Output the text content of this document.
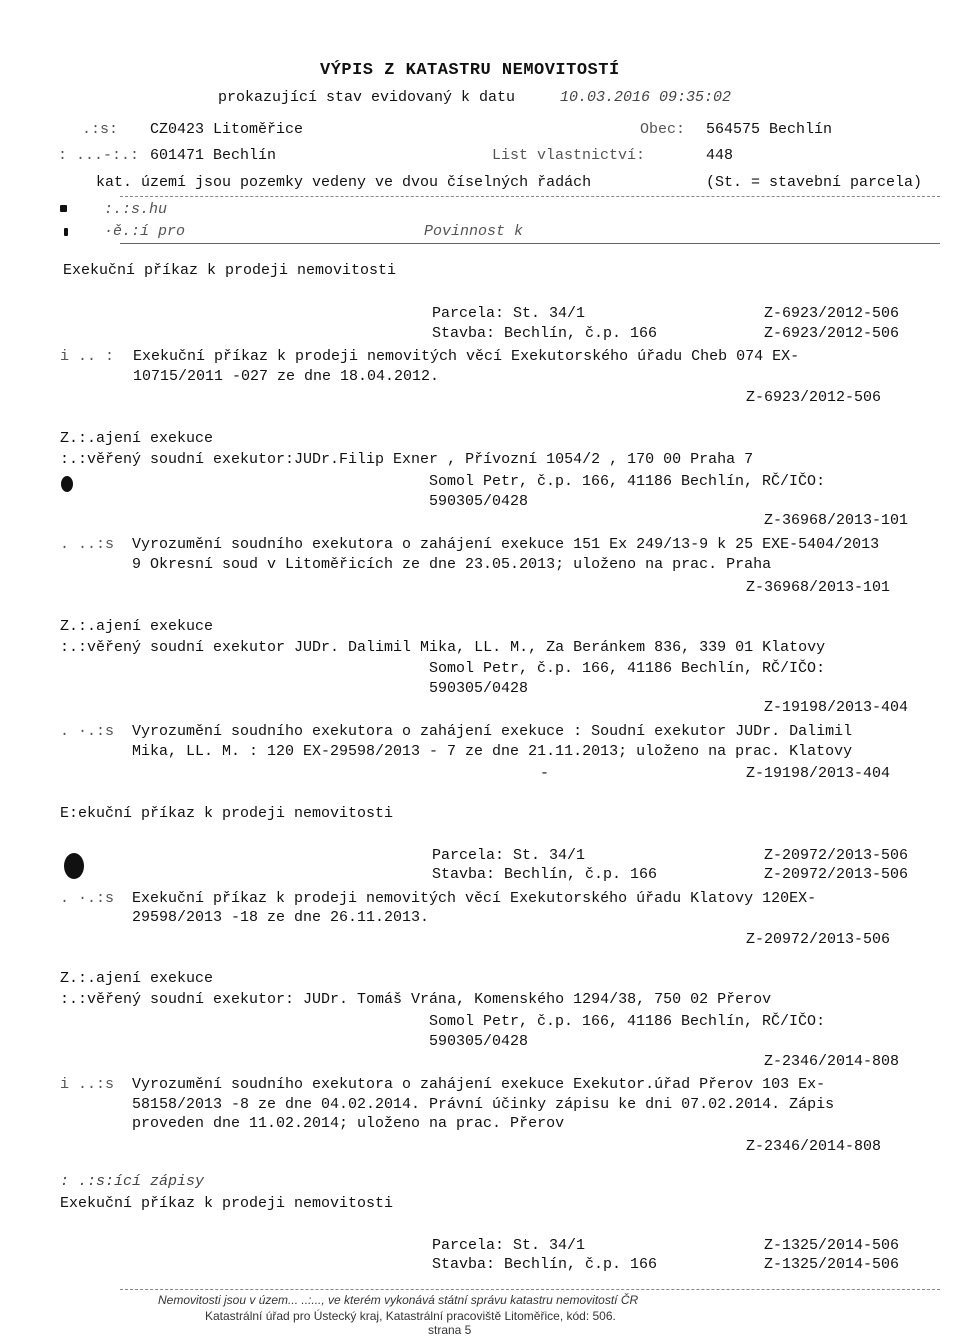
VÝPIS Z KATASTRU NEMOVITOSTÍ
prokazující stav evidovaný k datu	10.03.2016 09:35:02
.:s: CZ0423 Litoměřice	Obec: 564575 Bechlín
: ...-:.: 601471 Bechlín	List vlastnictví:	448
kat. území jsou pozemky vedeny ve dvou číselných řadách	(St. = stavební parcela)
:.:s.hu
·ě.:í pro	Povinnost k
Exekuční příkaz k prodeji nemovitosti
Parcela: St. 34/1	Z-6923/2012-506
Stavba: Bechlín, č.p. 166	Z-6923/2012-506
i .. : Exekuční příkaz k prodeji nemovitých věcí Exekutorského úřadu Cheb 074 EX-
10715/2011 -027 ze dne 18.04.2012.
Z-6923/2012-506
Z.:.ajení exekuce
:.:věřený soudní exekutor:JUDr.Filip Exner , Přívozní 1054/2 , 170 00 Praha 7
Somol Petr, č.p. 166, 41186 Bechlín, RČ/IČO:
590305/0428
Z-36968/2013-101
. ..:s Vyrozumění soudního exekutora o zahájení exekuce 151 Ex 249/13-9 k 25 EXE-5404/2013
9 Okresní soud v Litoměřicích ze dne 23.05.2013; uloženo na prac. Praha
Z-36968/2013-101
Z.:.ajení exekuce
:.:věřený soudní exekutor JUDr. Dalimil Mika, LL. M., Za Beránkem 836, 339 01 Klatovy
Somol Petr, č.p. 166, 41186 Bechlín, RČ/IČO:
590305/0428
Z-19198/2013-404
. ·.:s Vyrozumění soudního exekutora o zahájení exekuce : Soudní exekutor JUDr. Dalimil
Mika, LL. M. : 120 EX-29598/2013 - 7 ze dne 21.11.2013; uloženo na prac. Klatovy
-	Z-19198/2013-404
E:ekuční příkaz k prodeji nemovitosti
Parcela: St. 34/1	Z-20972/2013-506
Stavba: Bechlín, č.p. 166	Z-20972/2013-506
. ·.:s Exekuční příkaz k prodeji nemovitých věcí Exekutorského úřadu Klatovy 120EX-
29598/2013 -18 ze dne 26.11.2013.
Z-20972/2013-506
Z.:.ajení exekuce
:.:věřený soudní exekutor: JUDr. Tomáš Vrána, Komenského 1294/38, 750 02 Přerov
Somol Petr, č.p. 166, 41186 Bechlín, RČ/IČO:
590305/0428
Z-2346/2014-808
i ..:s Vyrozumění soudního exekutora o zahájení exekuce Exekutor.úřad Přerov 103 Ex-
58158/2013 -8 ze dne 04.02.2014. Právní účinky zápisu ke dni 07.02.2014. Zápis
proveden dne 11.02.2014; uloženo na prac. Přerov
Z-2346/2014-808
: .:s:ící zápisy
Exekuční příkaz k prodeji nemovitosti
Parcela: St. 34/1	Z-1325/2014-506
Stavba: Bechlín, č.p. 166	Z-1325/2014-506
Nemovitosti jsou v územ... ..:..., ve kterém vykonává státní správu katastru nemovitostí ČR
Katastrální úřad pro Ústecký kraj, Katastrální pracoviště Litoměřice, kód: 506.
strana 5
